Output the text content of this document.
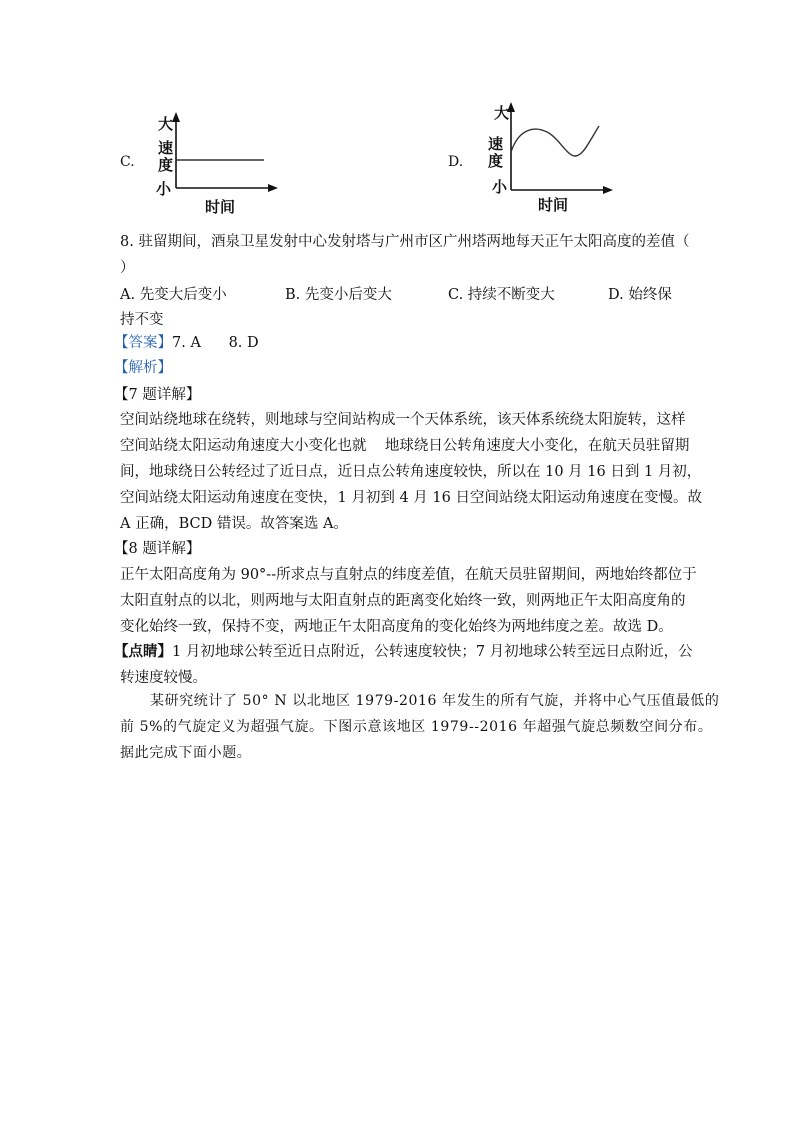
C.
大
速度
小
时间
D.
大
速度
小
时间
8. 驻留期间，酒泉卫星发射中心发射塔与广州市区广州塔两地每天正午太阳高度的差值（
）
A. 先变大后变小	B. 先变小后变大	C. 持续不断变大	D. 始终保
持不变
【答案】7. A      8. D
【解析】
【7 题详解】
空间站绕地球在绕转，则地球与空间站构成一个天体系统，该天体系统绕太阳旋转，这样
空间站绕太阳运动角速度大小变化也就    地球绕日公转角速度大小变化，在航天员驻留期
间，地球绕日公转经过了近日点，近日点公转角速度较快，所以在 10 月 16 日到 1 月初，
空间站绕太阳运动角速度在变快，1 月初到 4 月 16 日空间站绕太阳运动角速度在变慢。故
A 正确，BCD 错误。故答案选 A。
【8 题详解】
正午太阳高度角为 90°--所求点与直射点的纬度差值，在航天员驻留期间，两地始终都位于
太阳直射点的以北，则两地与太阳直射点的距离变化始终一致，则两地正午太阳高度角的
变化始终一致，保持不变，两地正午太阳高度角的变化始终为两地纬度之差。故选 D。
【点睛】1 月初地球公转至近日点附近，公转速度较快；7 月初地球公转至远日点附近，公
转速度较慢。
某研究统计了 50° N 以北地区 1979-2016 年发生的所有气旋，并将中心气压值最低的
前 5%的气旋定义为超强气旋。下图示意该地区 1979--2016 年超强气旋总频数空间分布。
据此完成下面小题。
